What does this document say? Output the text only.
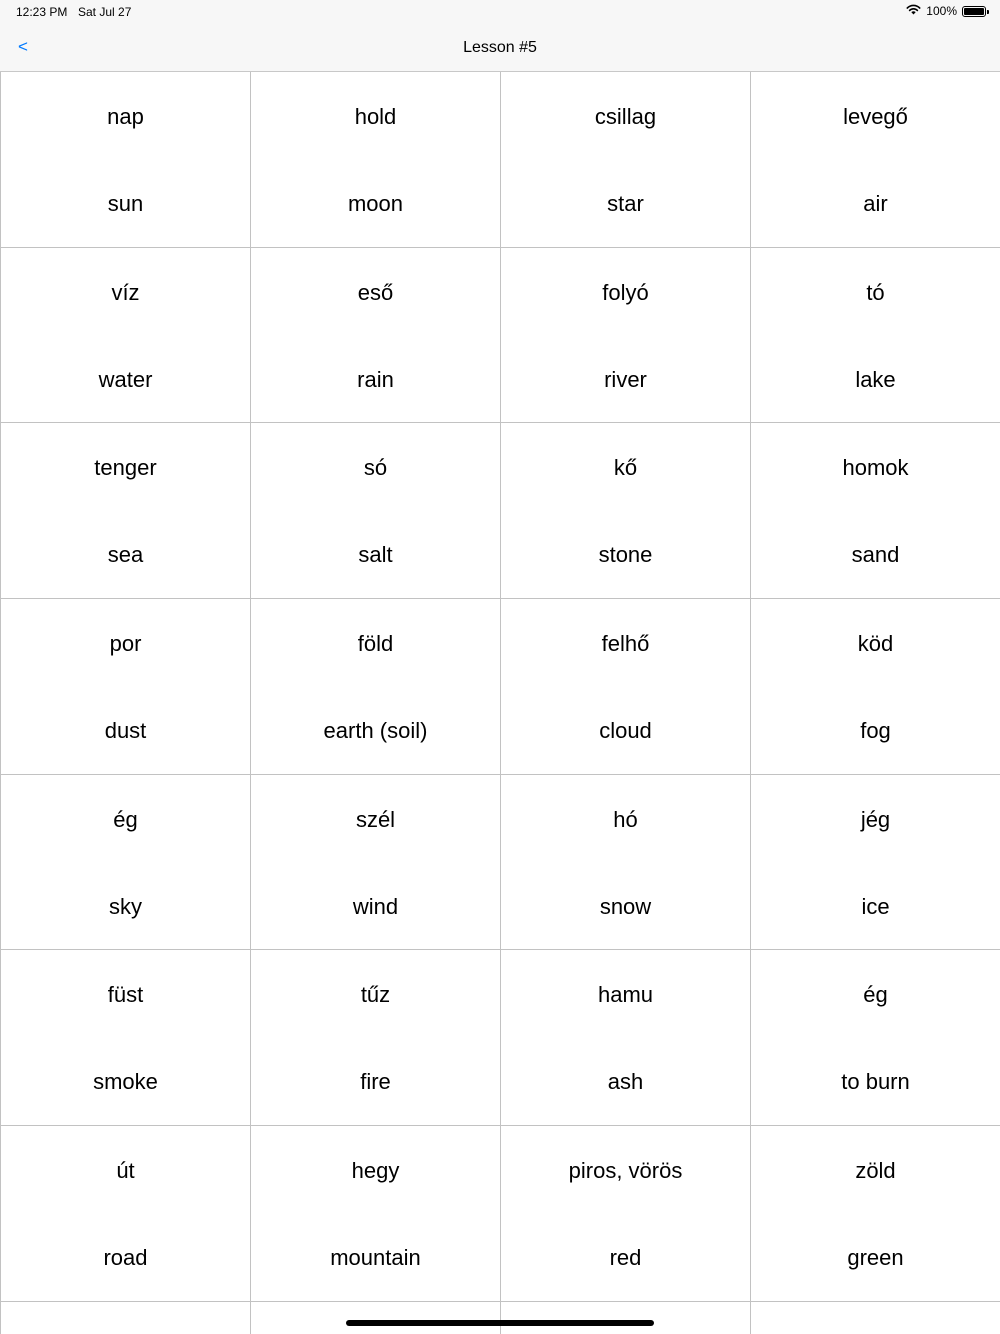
12:23 PM Sat Jul 27	100%
<	Lesson #5
nap
sun
hold
moon
csillag
star
levegő
air
víz
water
eső
rain
folyó
river
tó
lake
tenger
sea
só
salt
kő
stone
homok
sand
por
dust
föld
earth (soil)
felhő
cloud
köd
fog
ég
sky
szél
wind
hó
snow
jég
ice
füst
smoke
tűz
fire
hamu
ash
ég
to burn
út
road
hegy
mountain
piros, vörös
red
zöld
green
